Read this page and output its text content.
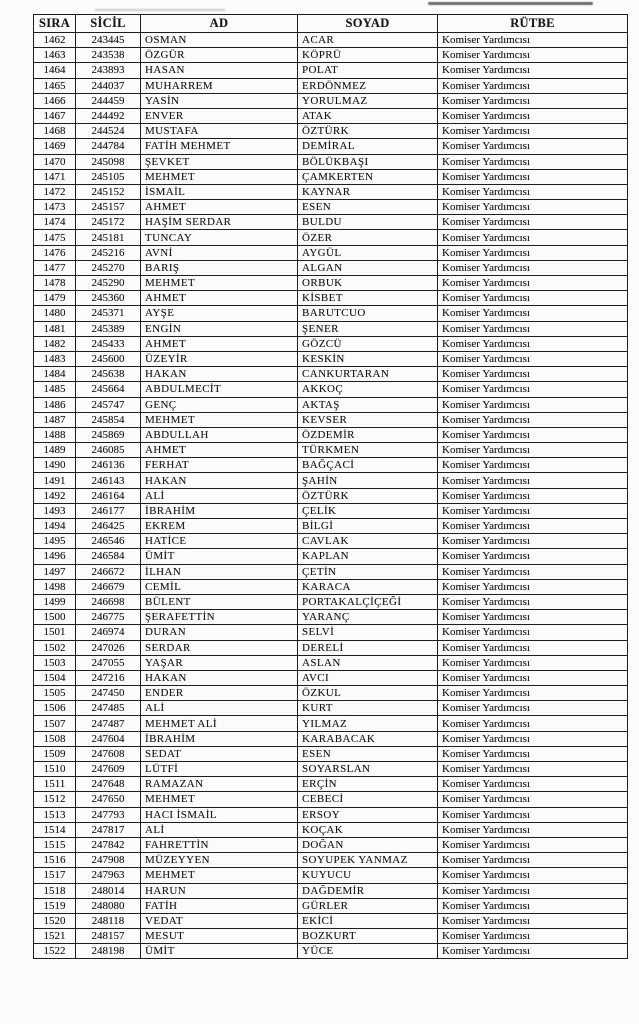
SIRA	SİCİL	AD	SOYAD	RÜTBE
1462	243445	OSMAN	ACAR	Komiser Yardımcısı
1463	243538	ÖZGÜR	KÖPRÜ	Komiser Yardımcısı
1464	243893	HASAN	POLAT	Komiser Yardımcısı
1465	244037	MUHARREM	ERDÖNMEZ	Komiser Yardımcısı
1466	244459	YASİN	YORULMAZ	Komiser Yardımcısı
1467	244492	ENVER	ATAK	Komiser Yardımcısı
1468	244524	MUSTAFA	ÖZTÜRK	Komiser Yardımcısı
1469	244784	FATİH MEHMET	DEMİRAL	Komiser Yardımcısı
1470	245098	ŞEVKET	BÖLÜKBAŞI	Komiser Yardımcısı
1471	245105	MEHMET	ÇAMKERTEN	Komiser Yardımcısı
1472	245152	İSMAİL	KAYNAR	Komiser Yardımcısı
1473	245157	AHMET	ESEN	Komiser Yardımcısı
1474	245172	HAŞİM SERDAR	BULDU	Komiser Yardımcısı
1475	245181	TUNCAY	ÖZER	Komiser Yardımcısı
1476	245216	AVNİ	AYGÜL	Komiser Yardımcısı
1477	245270	BARIŞ	ALGAN	Komiser Yardımcısı
1478	245290	MEHMET	ORBUK	Komiser Yardımcısı
1479	245360	AHMET	KİSBET	Komiser Yardımcısı
1480	245371	AYŞE	BARUTCUO	Komiser Yardımcısı
1481	245389	ENGİN	ŞENER	Komiser Yardımcısı
1482	245433	AHMET	GÖZCÜ	Komiser Yardımcısı
1483	245600	ÜZEYİR	KESKİN	Komiser Yardımcısı
1484	245638	HAKAN	CANKURTARAN	Komiser Yardımcısı
1485	245664	ABDULMECİT	AKKOÇ	Komiser Yardımcısı
1486	245747	GENÇ	AKTAŞ	Komiser Yardımcısı
1487	245854	MEHMET	KEVSER	Komiser Yardımcısı
1488	245869	ABDULLAH	ÖZDEMİR	Komiser Yardımcısı
1489	246085	AHMET	TÜRKMEN	Komiser Yardımcısı
1490	246136	FERHAT	BAĞÇACİ	Komiser Yardımcısı
1491	246143	HAKAN	ŞAHİN	Komiser Yardımcısı
1492	246164	ALİ	ÖZTÜRK	Komiser Yardımcısı
1493	246177	İBRAHİM	ÇELİK	Komiser Yardımcısı
1494	246425	EKREM	BİLGİ	Komiser Yardımcısı
1495	246546	HATİCE	CAVLAK	Komiser Yardımcısı
1496	246584	ÜMİT	KAPLAN	Komiser Yardımcısı
1497	246672	İLHAN	ÇETİN	Komiser Yardımcısı
1498	246679	CEMİL	KARACA	Komiser Yardımcısı
1499	246698	BÜLENT	PORTAKALÇİÇEĞİ	Komiser Yardımcısı
1500	246775	ŞERAFETTİN	YARANÇ	Komiser Yardımcısı
1501	246974	DURAN	SELVİ	Komiser Yardımcısı
1502	247026	SERDAR	DERELİ	Komiser Yardımcısı
1503	247055	YAŞAR	ASLAN	Komiser Yardımcısı
1504	247216	HAKAN	AVCI	Komiser Yardımcısı
1505	247450	ENDER	ÖZKUL	Komiser Yardımcısı
1506	247485	ALİ	KURT	Komiser Yardımcısı
1507	247487	MEHMET ALİ	YILMAZ	Komiser Yardımcısı
1508	247604	İBRAHİM	KARABACAK	Komiser Yardımcısı
1509	247608	SEDAT	ESEN	Komiser Yardımcısı
1510	247609	LÜTFİ	SOYARSLAN	Komiser Yardımcısı
1511	247648	RAMAZAN	ERÇİN	Komiser Yardımcısı
1512	247650	MEHMET	CEBECİ	Komiser Yardımcısı
1513	247793	HACI İSMAİL	ERSOY	Komiser Yardımcısı
1514	247817	ALİ	KOÇAK	Komiser Yardımcısı
1515	247842	FAHRETTİN	DOĞAN	Komiser Yardımcısı
1516	247908	MÜZEYYEN	SOYUPEK YANMAZ	Komiser Yardımcısı
1517	247963	MEHMET	KUYUCU	Komiser Yardımcısı
1518	248014	HARUN	DAĞDEMİR	Komiser Yardımcısı
1519	248080	FATİH	GÜRLER	Komiser Yardımcısı
1520	248118	VEDAT	EKİCİ	Komiser Yardımcısı
1521	248157	MESUT	BOZKURT	Komiser Yardımcısı
1522	248198	ÜMİT	YÜCE	Komiser Yardımcısı
